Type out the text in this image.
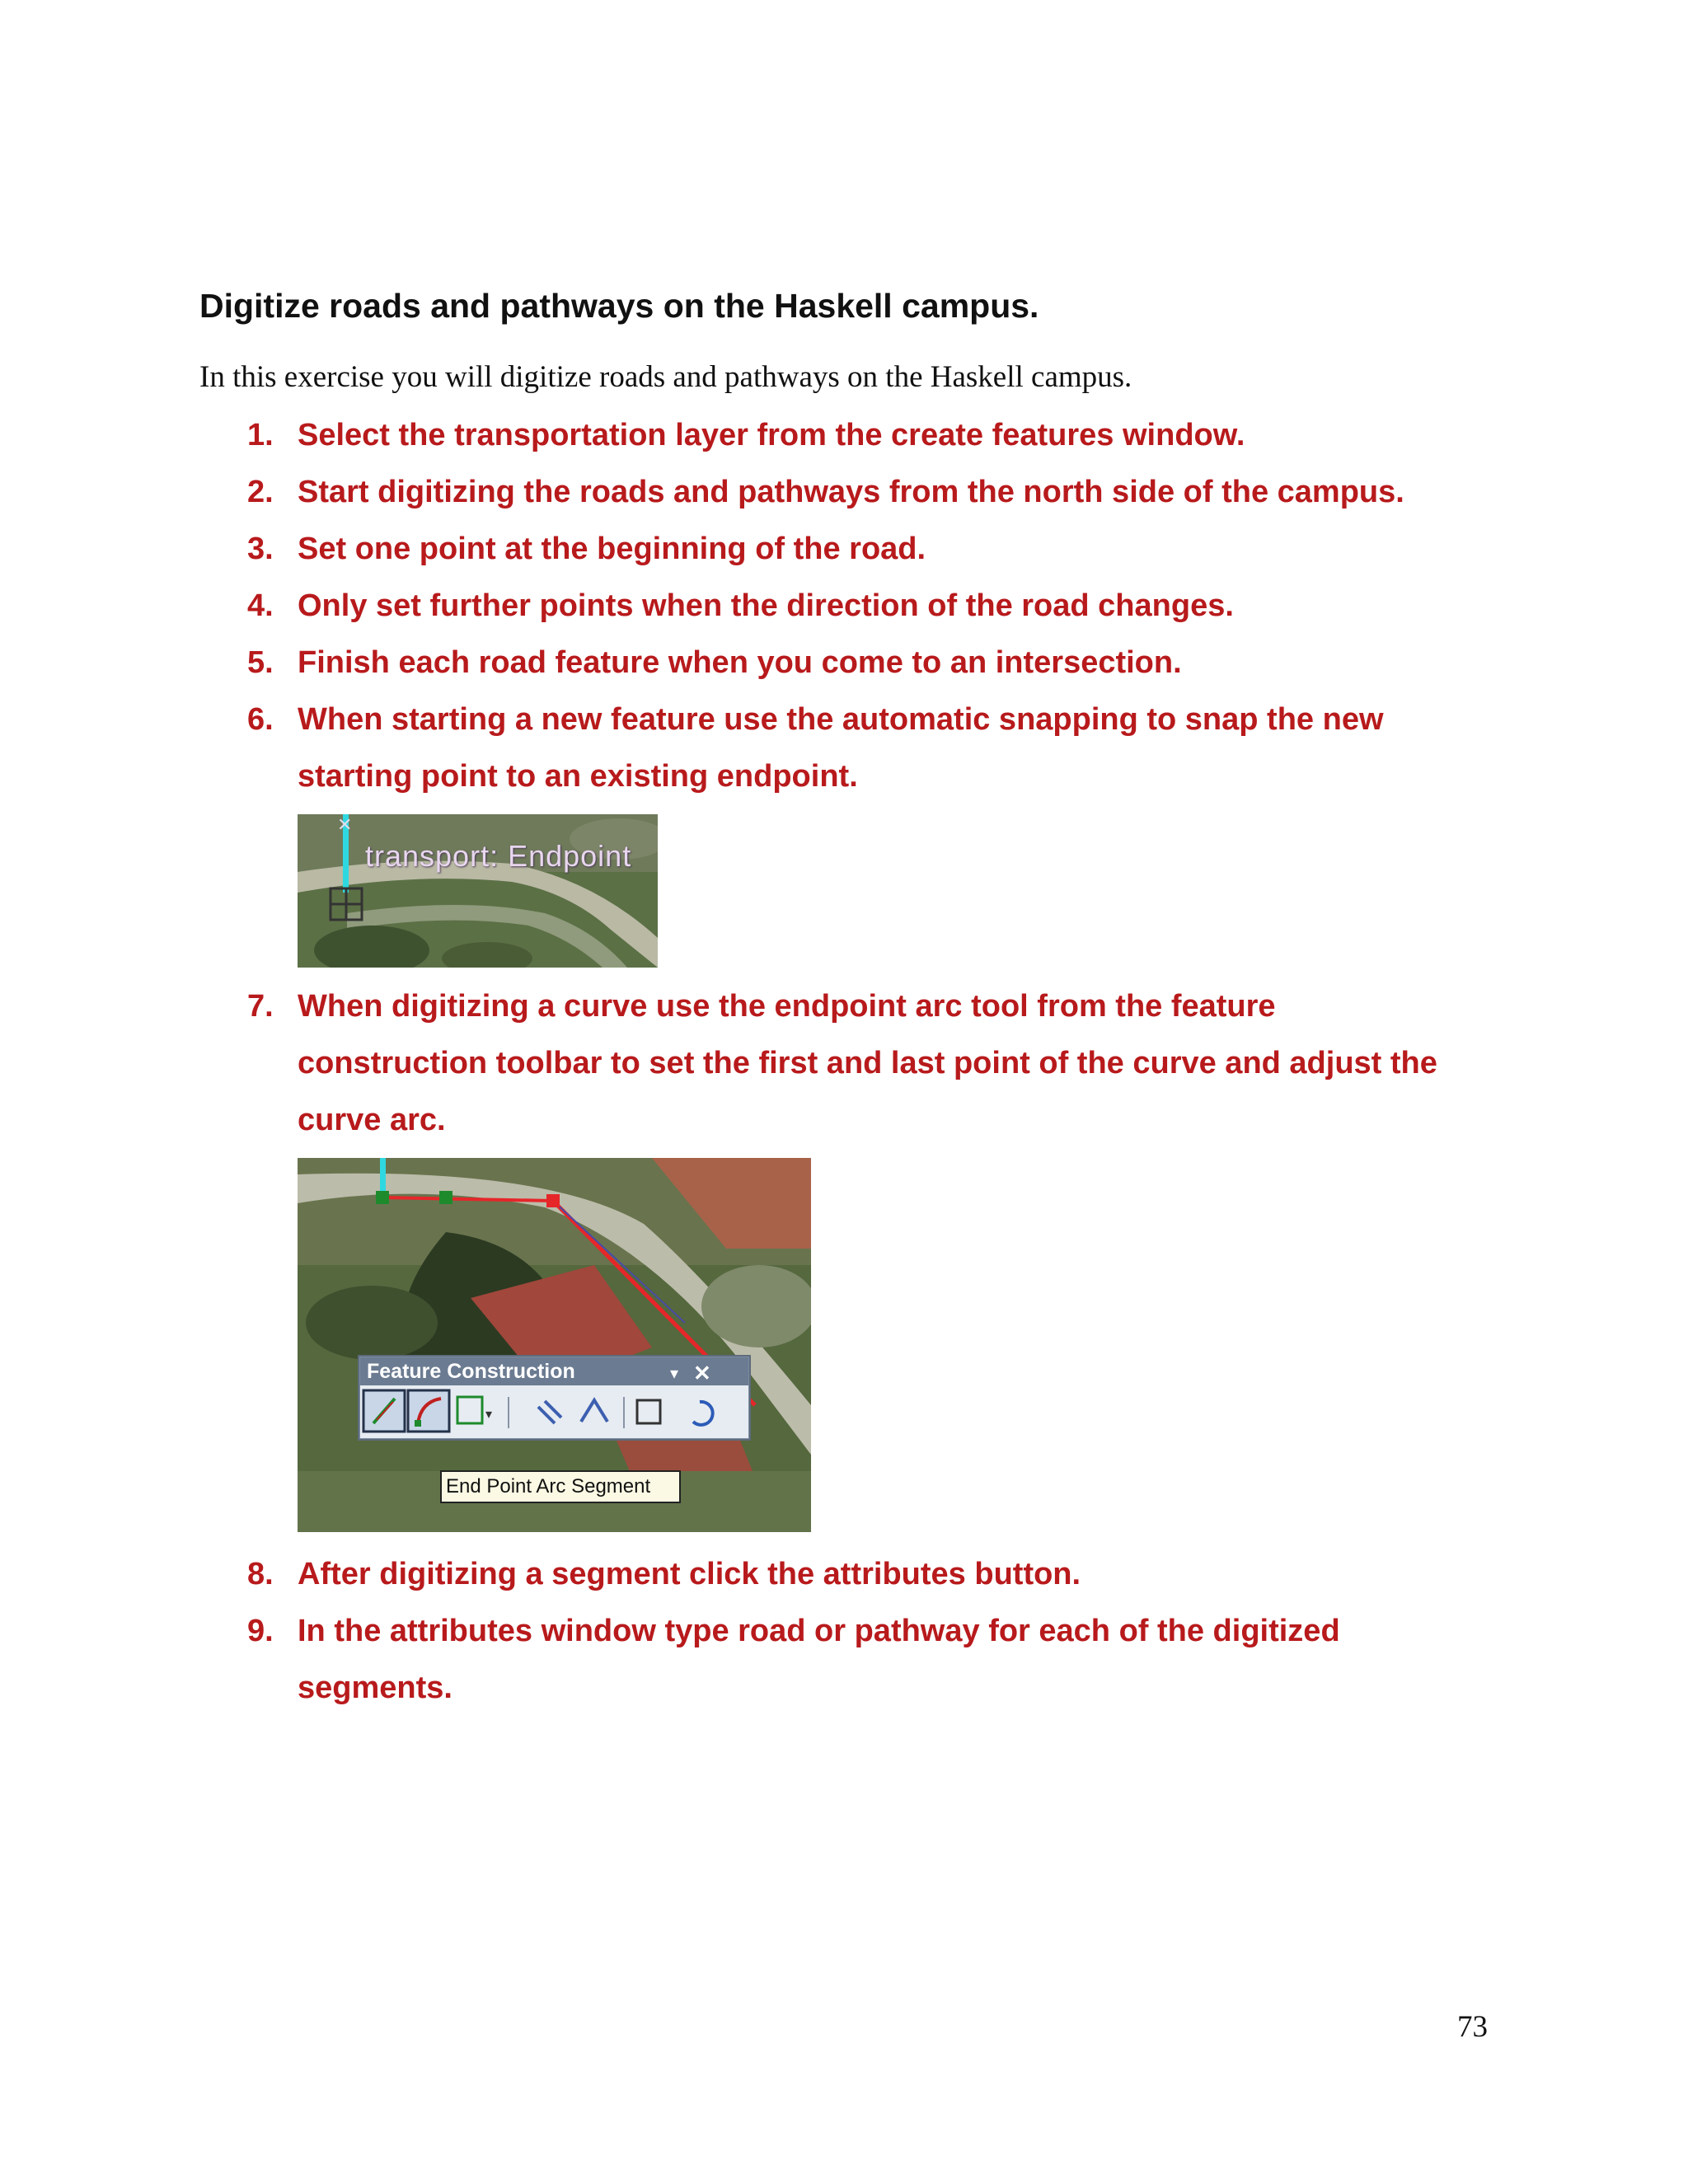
Digitize roads and pathways on the Haskell campus.

In this exercise you will digitize roads and pathways on the Haskell campus.

1. Select the transportation layer from the create features window.
2. Start digitizing the roads and pathways from the north side of the campus.
3. Set one point at the beginning of the road.
4. Only set further points when the direction of the road changes.
5. Finish each road feature when you come to an intersection.
6. When starting a new feature use the automatic snapping to snap the new starting point to an existing endpoint.
✕
transport: Endpoint
7. When digitizing a curve use the endpoint arc tool from the feature construction toolbar to set the first and last point of the curve and adjust the curve arc.
▾ ✕
▾
Feature Construction
End Point Arc Segment
8. After digitizing a segment click the attributes button.
9. In the attributes window type road or pathway for each of the digitized segments.

73
